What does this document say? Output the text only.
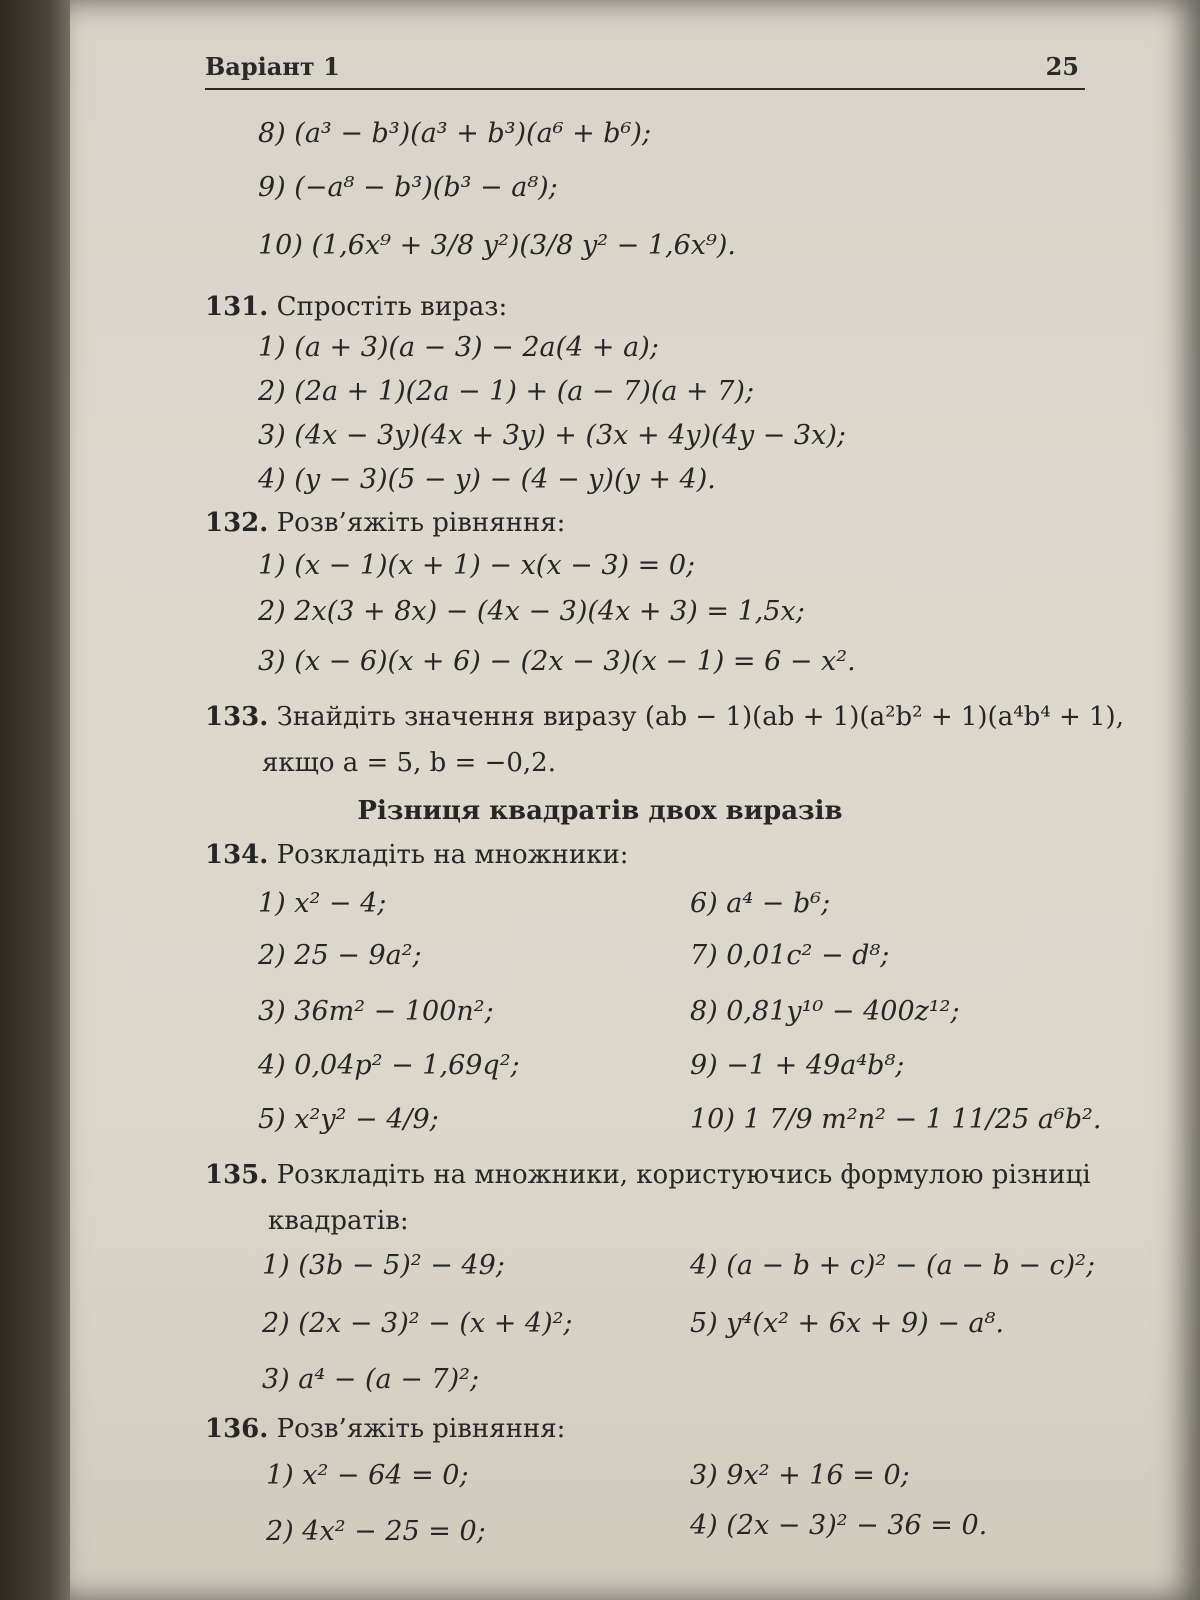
Варіант 1	25
8) (a³ − b³)(a³ + b³)(a⁶ + b⁶);
9) (−a⁸ − b³)(b³ − a⁸);
10) (1,6x⁹ + 3/8 y²)(3/8 y² − 1,6x⁹).
131. Спростіть вираз:
1) (a + 3)(a − 3) − 2a(4 + a);
2) (2a + 1)(2a − 1) + (a − 7)(a + 7);
3) (4x − 3y)(4x + 3y) + (3x + 4y)(4y − 3x);
4) (y − 3)(5 − y) − (4 − y)(y + 4).
132. Розв’яжіть рівняння:
1) (x − 1)(x + 1) − x(x − 3) = 0;
2) 2x(3 + 8x) − (4x − 3)(4x + 3) = 1,5x;
3) (x − 6)(x + 6) − (2x − 3)(x − 1) = 6 − x².
133. Знайдіть значення виразу (ab − 1)(ab + 1)(a²b² + 1)(a⁴b⁴ + 1),
якщо a = 5, b = −0,2.
Різниця квадратів двох виразів
134. Розкладіть на множники:
1) x² − 4;
2) 25 − 9a²;
3) 36m² − 100n²;
4) 0,04p² − 1,69q²;
5) x²y² − 4/9;
6) a⁴ − b⁶;
7) 0,01c² − d⁸;
8) 0,81y¹⁰ − 400z¹²;
9) −1 + 49a⁴b⁸;
10) 1 7/9 m²n² − 1 11/25 a⁶b².
135. Розкладіть на множники, користуючись формулою різниці
квадратів:
1) (3b − 5)² − 49;
2) (2x − 3)² − (x + 4)²;
3) a⁴ − (a − 7)²;
4) (a − b + c)² − (a − b − c)²;
5) y⁴(x² + 6x + 9) − a⁸.
136. Розв’яжіть рівняння:
1) x² − 64 = 0;
2) 4x² − 25 = 0;
3) 9x² + 16 = 0;
4) (2x − 3)² − 36 = 0.
